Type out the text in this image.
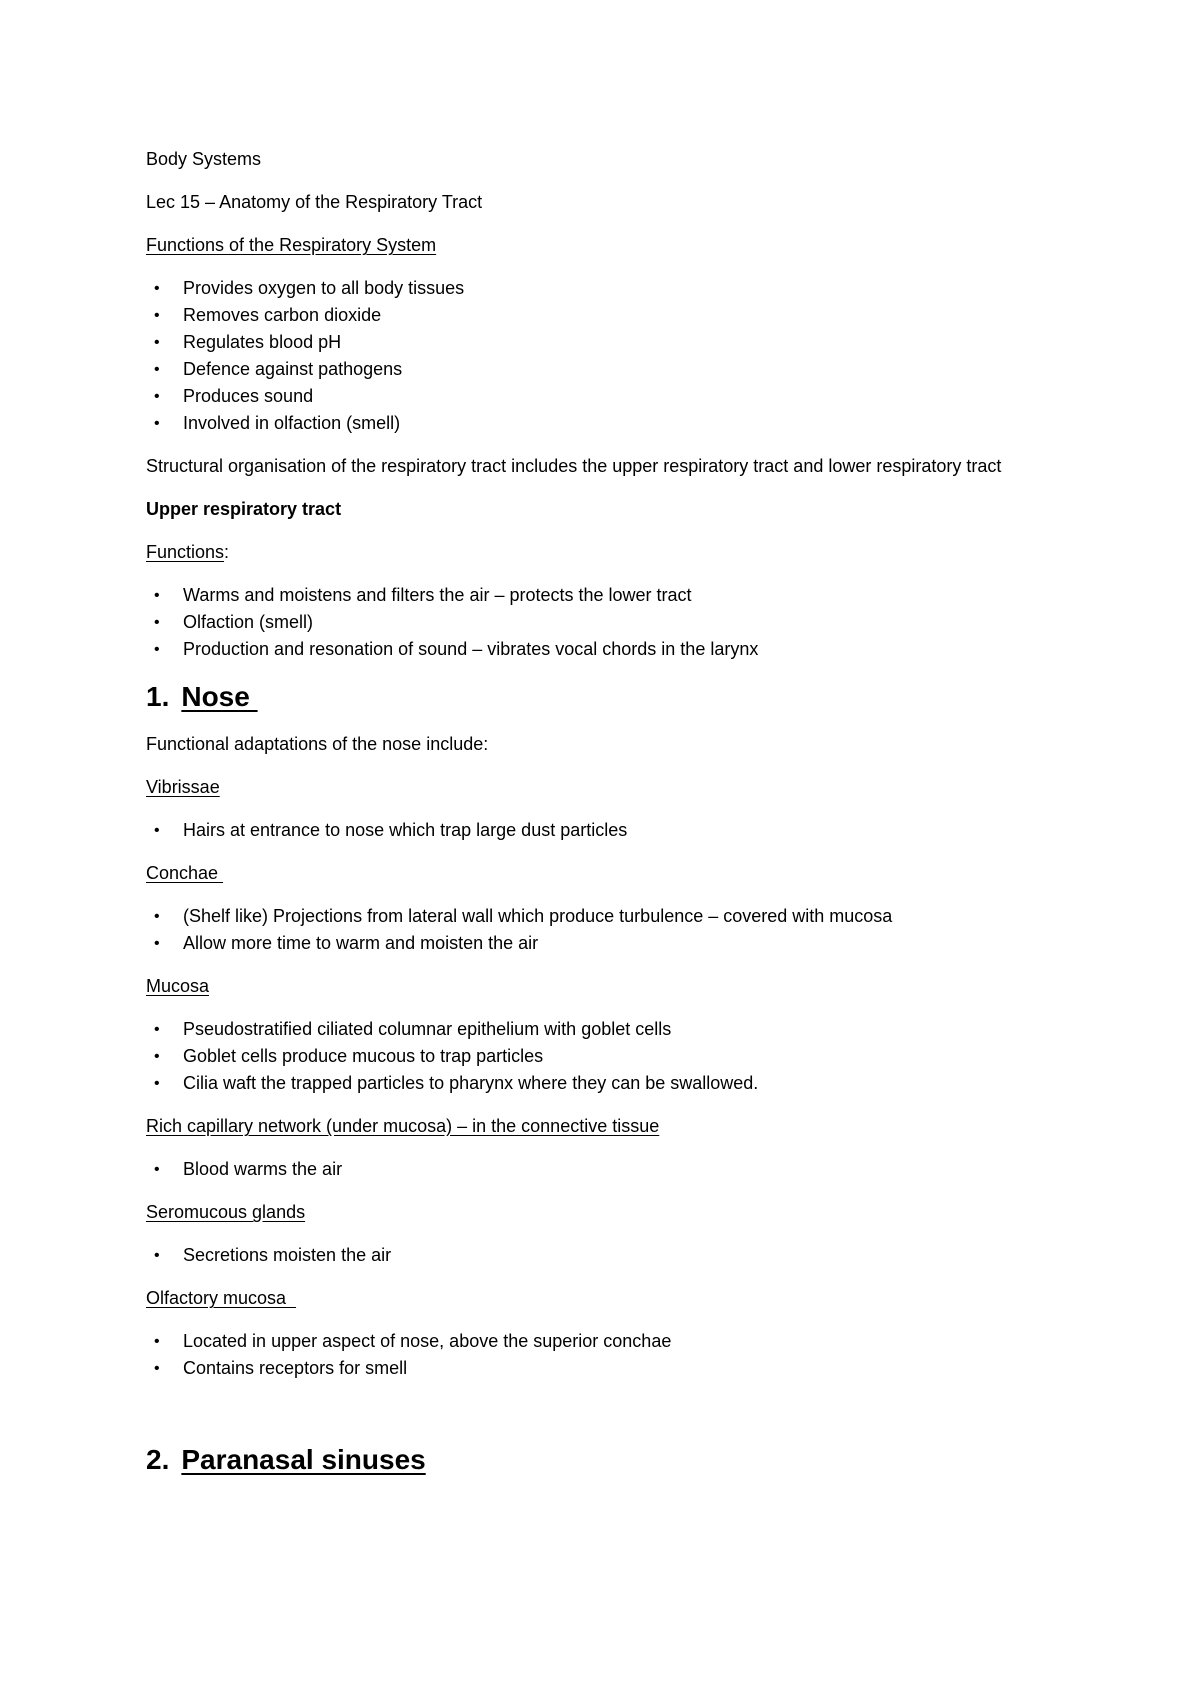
Body Systems

Lec 15 – Anatomy of the Respiratory Tract

Functions of the Respiratory System

• Provides oxygen to all body tissues
• Removes carbon dioxide
• Regulates blood pH
• Defence against pathogens
• Produces sound
• Involved in olfaction (smell)

Structural organisation of the respiratory tract includes the upper respiratory tract and lower respiratory tract

Upper respiratory tract

Functions:

• Warms and moistens and filters the air – protects the lower tract
• Olfaction (smell)
• Production and resonation of sound – vibrates vocal chords in the larynx
1. Nose

Functional adaptations of the nose include:

Vibrissae

• Hairs at entrance to nose which trap large dust particles

Conchae

• (Shelf like) Projections from lateral wall which produce turbulence – covered with mucosa
• Allow more time to warm and moisten the air

Mucosa

• Pseudostratified ciliated columnar epithelium with goblet cells
• Goblet cells produce mucous to trap particles
• Cilia waft the trapped particles to pharynx where they can be swallowed.

Rich capillary network (under mucosa) – in the connective tissue

• Blood warms the air

Seromucous glands

• Secretions moisten the air

Olfactory mucosa

• Located in upper aspect of nose, above the superior conchae
• Contains receptors for smell
2. Paranasal sinuses
